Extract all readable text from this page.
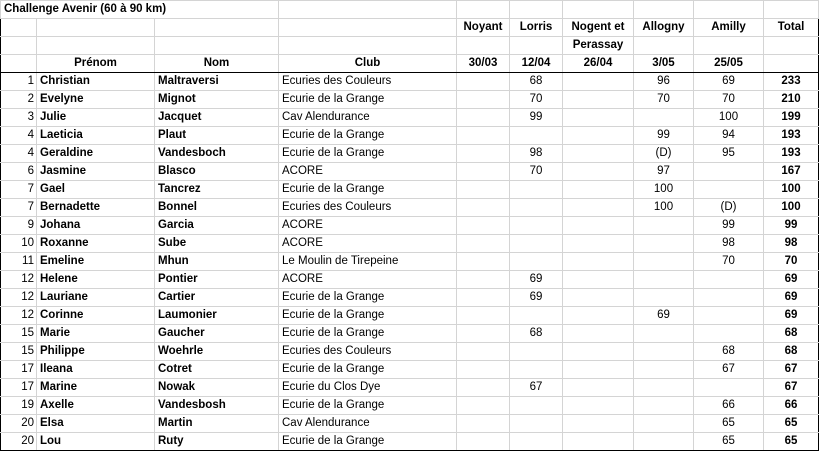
Challenge Avenir (60 à 90 km)									
				Noyant	Lorris	Nogent et	Allogny	Amilly	Total
						Perassay			
	Prénom	Nom	Club	30/03	12/04	26/04	3/05	25/05	
1	Christian	Maltraversi	Ecuries des Couleurs		68		96	69	233
2	Evelyne	Mignot	Ecurie de la Grange		70		70	70	210
3	Julie	Jacquet	Cav Alendurance		99			100	199
4	Laeticia	Plaut	Ecurie de la Grange				99	94	193
4	Geraldine	Vandesboch	Ecurie de la Grange		98		(D)	95	193
6	Jasmine	Blasco	ACORE		70		97		167
7	Gael	Tancrez	Ecurie de la Grange				100		100
7	Bernadette	Bonnel	Ecuries des Couleurs				100	(D)	100
9	Johana	Garcia	ACORE					99	99
10	Roxanne	Sube	ACORE					98	98
11	Emeline	Mhun	Le Moulin de Tirepeine					70	70
12	Helene	Pontier	ACORE		69				69
12	Lauriane	Cartier	Ecurie de la Grange		69				69
12	Corinne	Laumonier	Ecurie de la Grange				69		69
15	Marie	Gaucher	Ecurie de la Grange		68				68
15	Philippe	Woehrle	Ecuries des Couleurs					68	68
17	Ileana	Cotret	Ecurie de la Grange					67	67
17	Marine	Nowak	Ecurie du Clos Dye		67				67
19	Axelle	Vandesbosh	Ecurie de la Grange					66	66
20	Elsa	Martin	Cav Alendurance					65	65
20	Lou	Ruty	Ecurie de la Grange					65	65
